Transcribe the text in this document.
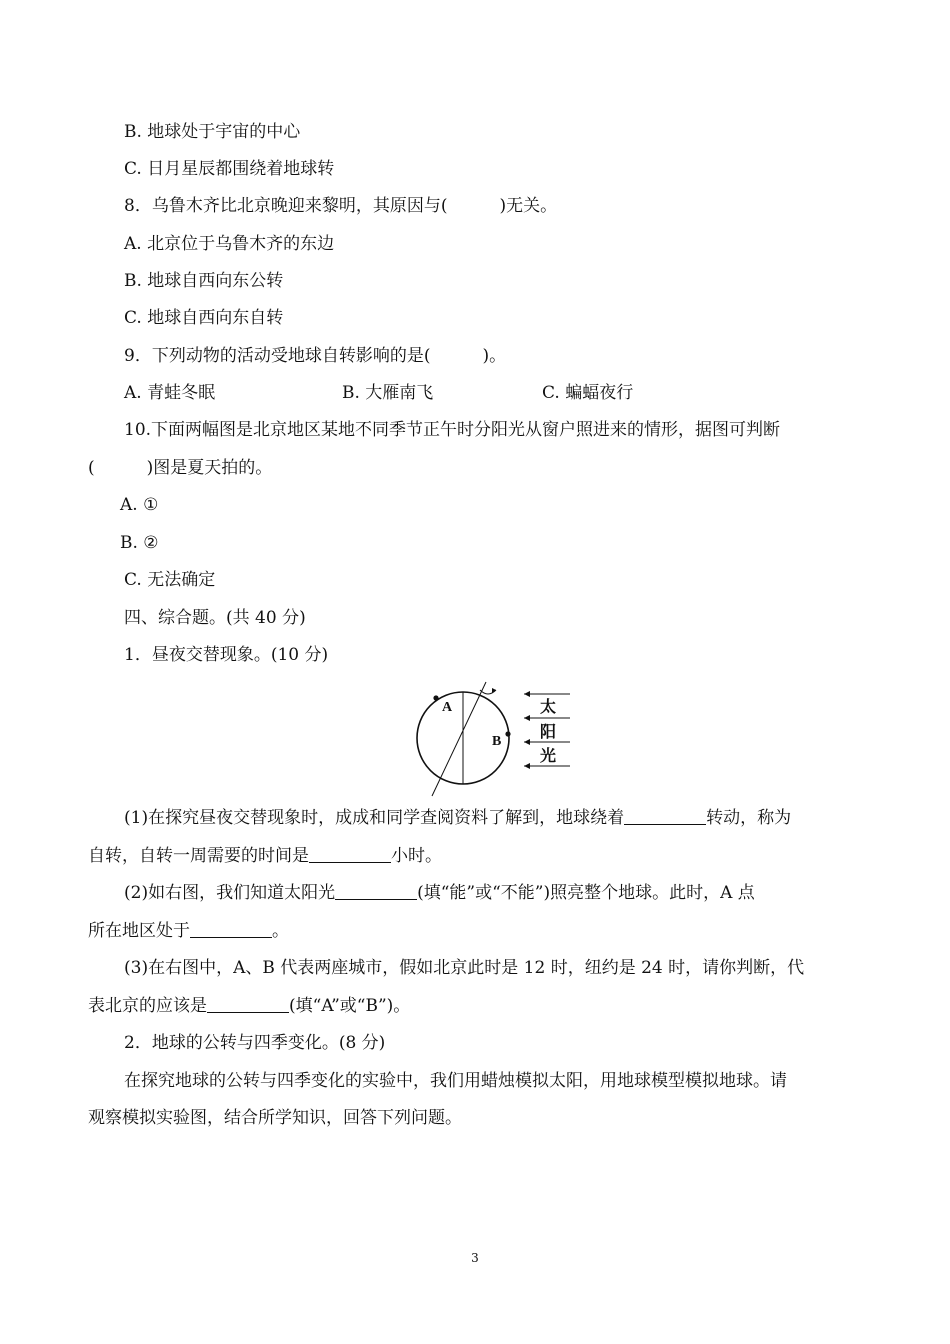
B. 地球处于宇宙的中心
C. 日月星辰都围绕着地球转
8．乌鲁木齐比北京晚迎来黎明，其原因与(	)无关。
A. 北京位于乌鲁木齐的东边
B. 地球自西向东公转
C. 地球自西向东自转
9．下列动物的活动受地球自转影响的是(	)。
A. 青蛙冬眠	B. 大雁南飞	C. 蝙蝠夜行
10.下面两幅图是北京地区某地不同季节正午时分阳光从窗户照进来的情形，据图可判断
(	)图是夏天拍的。
A. ①
B. ②
C. 无法确定
四、综合题。(共 40 分)
1．昼夜交替现象。(10 分)
A
B
太
阳
光
(1)在探究昼夜交替现象时，成成和同学查阅资料了解到，地球绕着	转动，称为
自转，自转一周需要的时间是	小时。
(2)如右图，我们知道太阳光	(填“能”或“不能”)照亮整个地球。此时，A 点
所在地区处于	。
(3)在右图中，A、B 代表两座城市，假如北京此时是 12 时，纽约是 24 时，请你判断，代
表北京的应该是	(填“A”或“B”)。
2．地球的公转与四季变化。(8 分)
在探究地球的公转与四季变化的实验中，我们用蜡烛模拟太阳，用地球模型模拟地球。请
观察模拟实验图，结合所学知识，回答下列问题。
3
